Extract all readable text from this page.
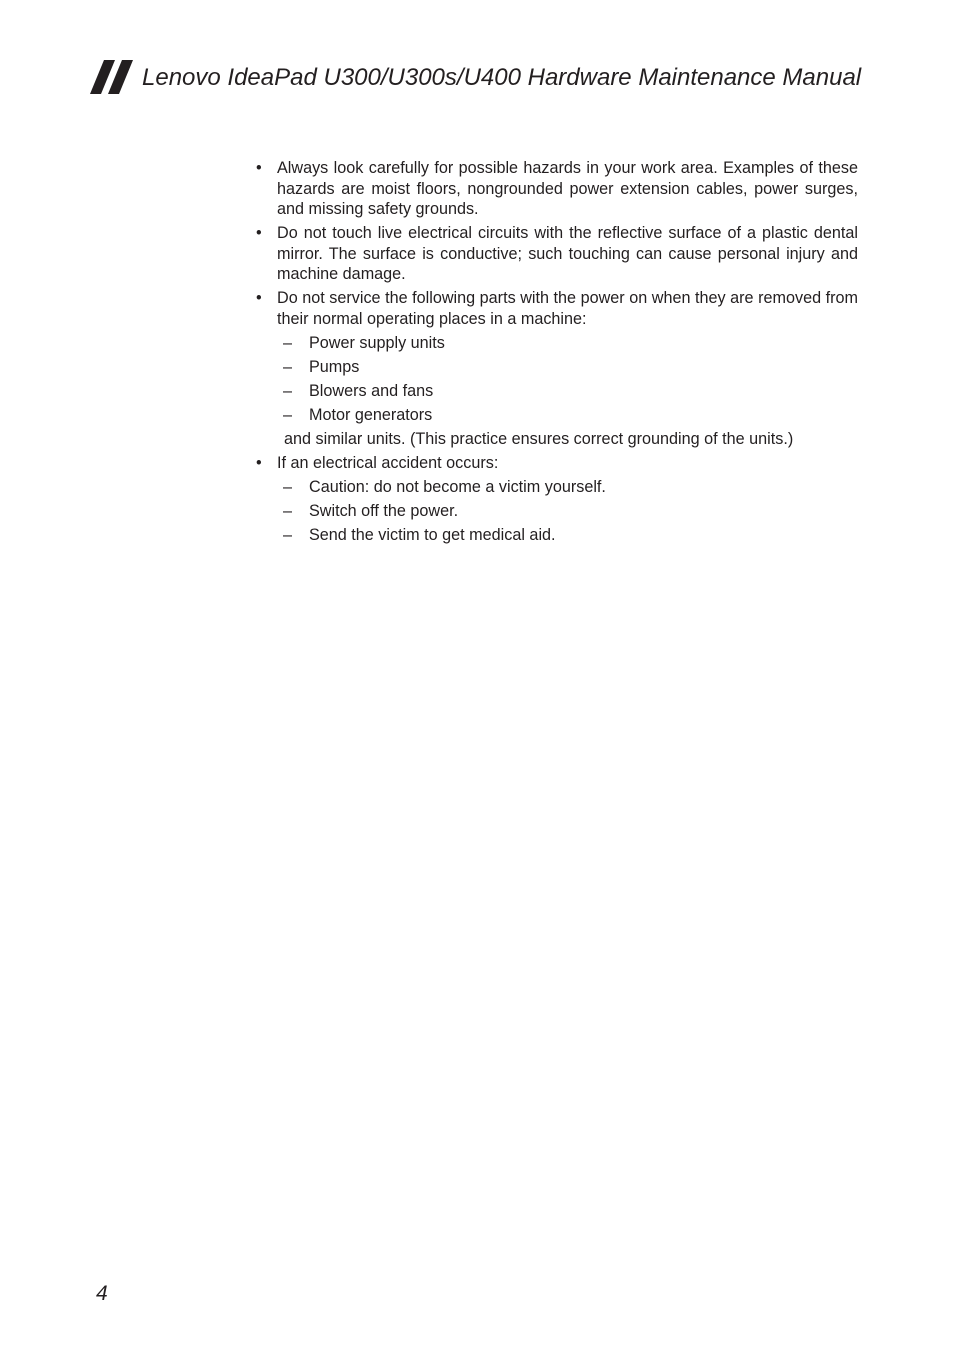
Lenovo IdeaPad U300/U300s/U400 Hardware Maintenance Manual
• Always look carefully for possible hazards in your work area. Examples of these hazards are moist floors, nongrounded power extension cables, power surges, and missing safety grounds.
• Do not touch live electrical circuits with the reflective surface of a plastic dental mirror. The surface is conductive; such touching can cause personal injury and machine damage.
• Do not service the following parts with the power on when they are removed from their normal operating places in a machine:
– Power supply units
– Pumps
– Blowers and fans
– Motor generators
and similar units. (This practice ensures correct grounding of the units.)
• If an electrical accident occurs:
– Caution: do not become a victim yourself.
– Switch off the power.
– Send the victim to get medical aid.
4
